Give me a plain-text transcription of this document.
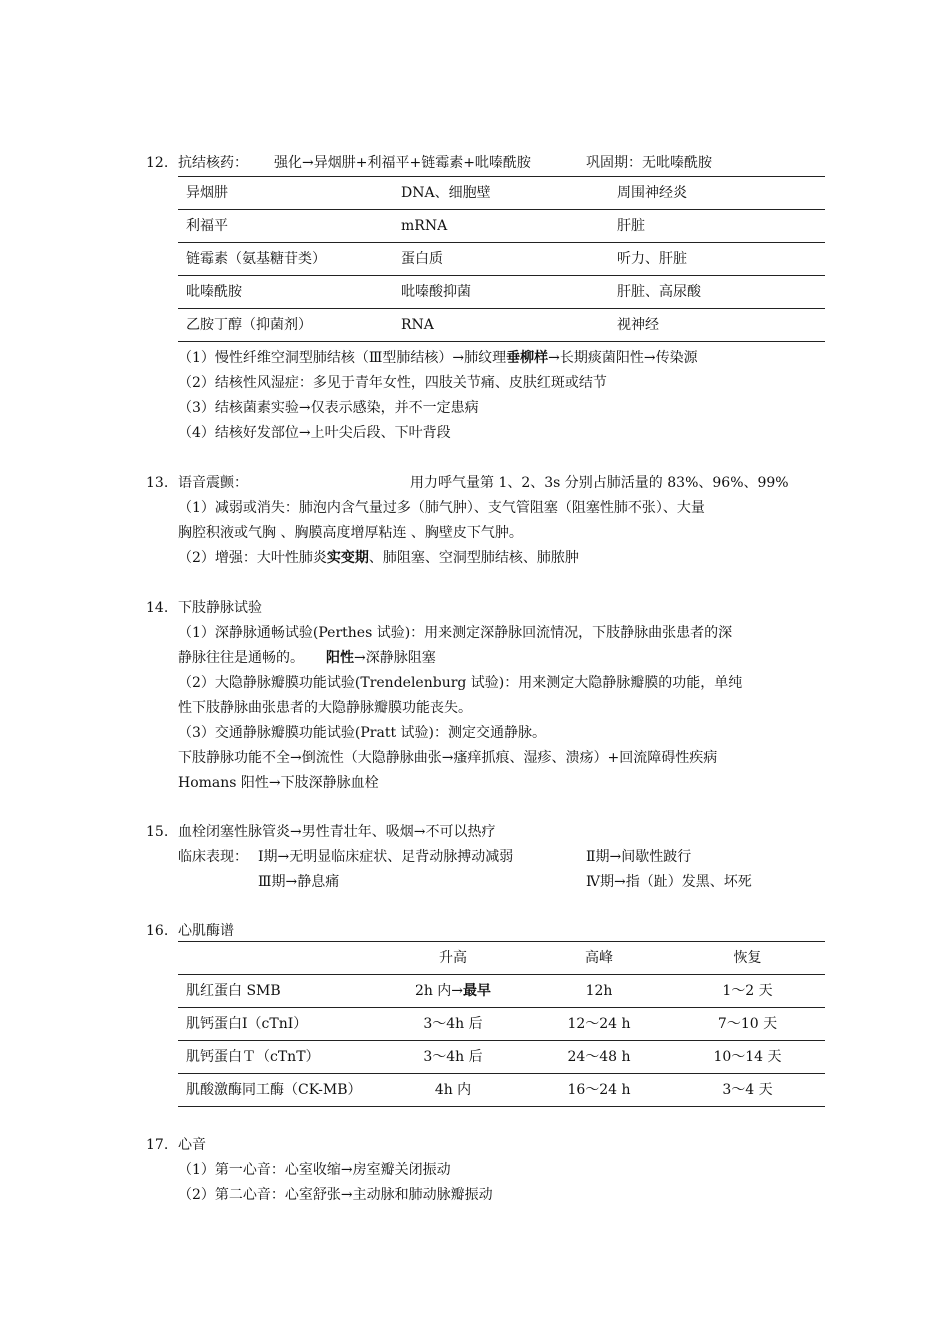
12. 抗结核药： 强化→异烟肼+利福平+链霉素+吡嗪酰胺	巩固期：无吡嗪酰胺
异烟肼	DNA、细胞壁	周围神经炎
利福平	mRNA	肝脏
链霉素（氨基糖苷类）	蛋白质	听力、肝脏
吡嗪酰胺	吡嗪酸抑菌	肝脏、高尿酸
乙胺丁醇（抑菌剂）	RNA	视神经
（1）慢性纤维空洞型肺结核（Ⅲ型肺结核）→肺纹理垂柳样→长期痰菌阳性→传染源
（2）结核性风湿症：多见于青年女性，四肢关节痛、皮肤红斑或结节
（3）结核菌素实验→仅表示感染，并不一定患病
（4）结核好发部位→上叶尖后段、下叶背段
13. 语音震颤：	用力呼气量第 1、2、3s 分别占肺活量的 83%、96%、99%
（1）减弱或消失：肺泡内含气量过多（肺气肿）、支气管阻塞（阻塞性肺不张）、大量
胸腔积液或气胸 、胸膜高度增厚粘连 、胸壁皮下气肿。
（2）增强：大叶性肺炎实变期、肺阻塞、空洞型肺结核、肺脓肿
14. 下肢静脉试验
（1）深静脉通畅试验(Perthes 试验)：用来测定深静脉回流情况，下肢静脉曲张患者的深
静脉往往是通畅的。 阳性→深静脉阻塞
（2）大隐静脉瓣膜功能试验(Trendelenburg 试验)：用来测定大隐静脉瓣膜的功能，单纯
性下肢静脉曲张患者的大隐静脉瓣膜功能丧失。
（3）交通静脉瓣膜功能试验(Pratt 试验)：测定交通静脉。
下肢静脉功能不全→倒流性（大隐静脉曲张→瘙痒抓痕、湿疹、溃疡）+回流障碍性疾病
Homans 阳性→下肢深静脉血栓
15. 血栓闭塞性脉管炎→男性青壮年、吸烟→不可以热疗
临床表现： Ⅰ期→无明显临床症状、足背动脉搏动减弱	Ⅱ期→间歇性跛行
Ⅲ期→静息痛	Ⅳ期→指（趾）发黑、坏死
16. 心肌酶谱
	升高	高峰	恢复
肌红蛋白 SMB	2h 内→最早	12h	1～2 天
肌钙蛋白Ⅰ（cTnI）	3～4h 后	12～24 h	7～10 天
肌钙蛋白Ｔ（cTnT）	3～4h 后	24～48 h	10～14 天
肌酸激酶同工酶（CK-MB）	4h 内	16～24 h	3～4 天
17. 心音
（1）第一心音：心室收缩→房室瓣关闭振动
（2）第二心音：心室舒张→主动脉和肺动脉瓣振动
